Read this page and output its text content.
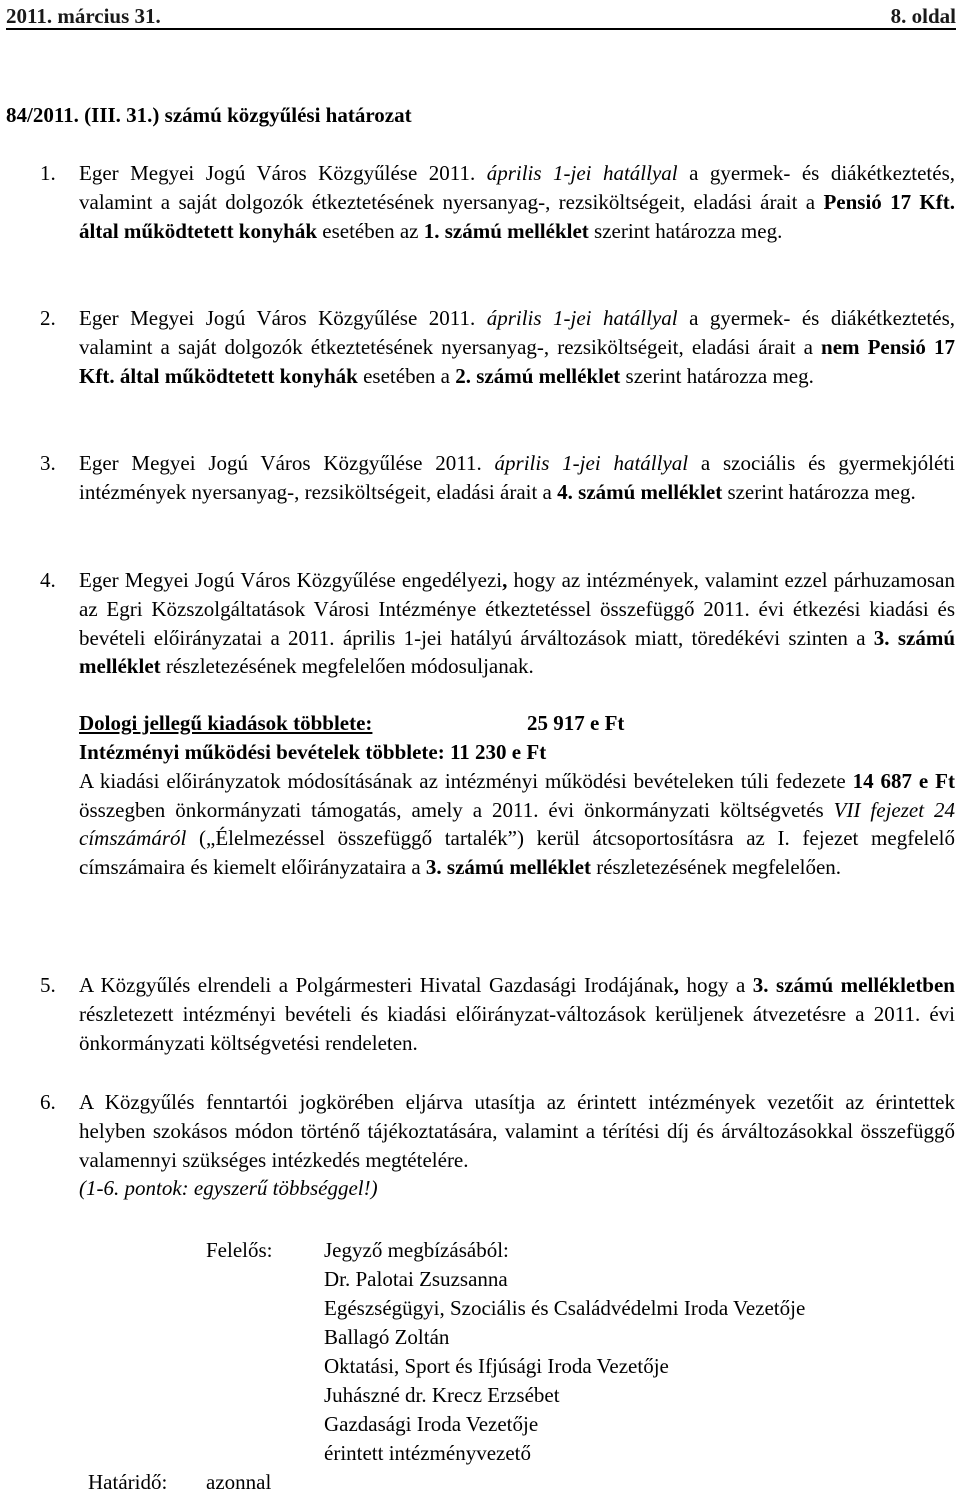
2011. március 31.	8. oldal
84/2011. (III. 31.) számú közgyűlési határozat
1. Eger Megyei Jogú Város Közgyűlése 2011. április 1-jei hatállyal a gyermek- és diákétkeztetés, valamint a saját dolgozók étkeztetésének nyersanyag-, rezsiköltségeit, eladási árait a Pensió 17 Kft. által működtetett konyhák esetében az 1. számú melléklet szerint határozza meg.
2. Eger Megyei Jogú Város Közgyűlése 2011. április 1-jei hatállyal a gyermek- és diákétkeztetés, valamint a saját dolgozók étkeztetésének nyersanyag-, rezsiköltségeit, eladási árait a nem Pensió 17 Kft. által működtetett konyhák esetében a 2. számú melléklet szerint határozza meg.
3. Eger Megyei Jogú Város Közgyűlése 2011. április 1-jei hatállyal a szociális és gyermekjóléti intézmények nyersanyag-, rezsiköltségeit, eladási árait a 4. számú melléklet szerint határozza meg.
4. Eger Megyei Jogú Város Közgyűlése engedélyezi, hogy az intézmények, valamint ezzel párhuzamosan az Egri Közszolgáltatások Városi Intézménye étkeztetéssel összefüggő 2011. évi étkezési kiadási és bevételi előirányzatai a 2011. április 1-jei hatályú árváltozások miatt, töredékévi szinten a 3. számú melléklet részletezésének megfelelően módosuljanak.
Dologi jellegű kiadások többlete:	25 917 e Ft
Intézményi működési bevételek többlete: 11 230 e Ft
A kiadási előirányzatok módosításának az intézményi működési bevételeken túli fedezete 14 687 e Ft összegben önkormányzati támogatás, amely a 2011. évi önkormányzati költségvetés VII fejezet 24 címszámáról („Élelmezéssel összefüggő tartalék”) kerül átcsoportosításra az I. fejezet megfelelő címszámaira és kiemelt előirányzataira a 3. számú melléklet részletezésének megfelelően.
5. A Közgyűlés elrendeli a Polgármesteri Hivatal Gazdasági Irodájának, hogy a 3. számú mellékletben részletezett intézményi bevételi és kiadási előirányzat-változások kerüljenek átvezetésre a 2011. évi önkormányzati költségvetési rendeleten.
6. A Közgyűlés fenntartói jogkörében eljárva utasítja az érintett intézmények vezetőit az érintettek helyben szokásos módon történő tájékoztatására, valamint a térítési díj és árváltozásokkal összefüggő valamennyi szükséges intézkedés megtételére.
(1-6. pontok: egyszerű többséggel!)
Felelős:	Jegyző megbízásából:
Dr. Palotai Zsuzsanna
Egészségügyi, Szociális és Családvédelmi Iroda Vezetője
Ballagó Zoltán
Oktatási, Sport és Ifjúsági Iroda Vezetője
Juhászné dr. Krecz Erzsébet
Gazdasági Iroda Vezetője
érintett intézményvezető
Határidő:	azonnal
